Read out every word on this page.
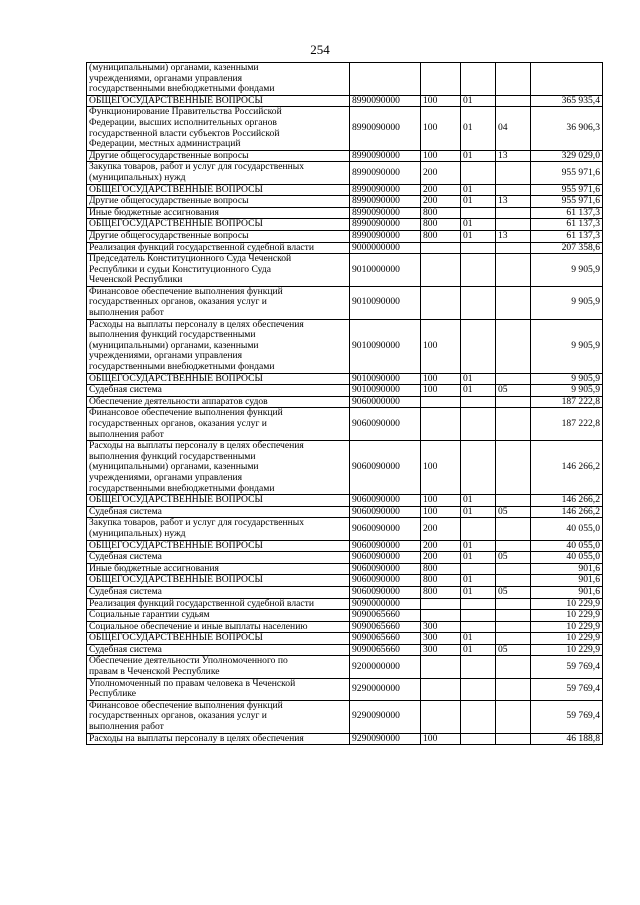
254
(муниципальными) органами, казенными
учреждениями, органами управления
государственными внебюджетными фондами					

ОБЩЕГОСУДАРСТВЕННЫЕ ВОПРОСЫ	8990090000	100	01		365 935,4

Функционирование Правительства Российской
Федерации, высших исполнительных органов
государственной власти субъектов Российской
Федерации, местных администраций	8990090000	100	01	04	36 906,3

Другие общегосударственные вопросы	8990090000	100	01	13	329 029,0

Закупка товаров, работ и услуг для государственных
(муниципальных) нужд	8990090000	200			955 971,6

ОБЩЕГОСУДАРСТВЕННЫЕ ВОПРОСЫ	8990090000	200	01		955 971,6

Другие общегосударственные вопросы	8990090000	200	01	13	955 971,6

Иные бюджетные ассигнования	8990090000	800			61 137,3

ОБЩЕГОСУДАРСТВЕННЫЕ ВОПРОСЫ	8990090000	800	01		61 137,3

Другие общегосударственные вопросы	8990090000	800	01	13	61 137,3

Реализация функций государственной судебной власти	9000000000				207 358,6

Председатель Конституционного Суда Чеченской
Республики и судьи Конституционного Суда
Чеченской Республики	9010000000				9 905,9

Финансовое обеспечение выполнения функций
государственных органов, оказания услуг и
выполнения работ	9010090000				9 905,9

Расходы на выплаты персоналу в целях обеспечения
выполнения функций государственными
(муниципальными) органами, казенными
учреждениями, органами управления
государственными внебюджетными фондами	9010090000	100			9 905,9

ОБЩЕГОСУДАРСТВЕННЫЕ ВОПРОСЫ	9010090000	100	01		9 905,9

Судебная система	9010090000	100	01	05	9 905,9

Обеспечение деятельности аппаратов судов	9060000000				187 222,8

Финансовое обеспечение выполнения функций
государственных органов, оказания услуг и
выполнения работ	9060090000				187 222,8

Расходы на выплаты персоналу в целях обеспечения
выполнения функций государственными
(муниципальными) органами, казенными
учреждениями, органами управления
государственными внебюджетными фондами	9060090000	100			146 266,2

ОБЩЕГОСУДАРСТВЕННЫЕ ВОПРОСЫ	9060090000	100	01		146 266,2

Судебная система	9060090000	100	01	05	146 266,2

Закупка товаров, работ и услуг для государственных
(муниципальных) нужд	9060090000	200			40 055,0

ОБЩЕГОСУДАРСТВЕННЫЕ ВОПРОСЫ	9060090000	200	01		40 055,0

Судебная система	9060090000	200	01	05	40 055,0

Иные бюджетные ассигнования	9060090000	800			901,6

ОБЩЕГОСУДАРСТВЕННЫЕ ВОПРОСЫ	9060090000	800	01		901,6

Судебная система	9060090000	800	01	05	901,6

Реализация функций государственной судебной власти	9090000000				10 229,9

Социальные гарантии судьям	9090065660				10 229,9

Социальное обеспечение и иные выплаты населению	9090065660	300			10 229,9

ОБЩЕГОСУДАРСТВЕННЫЕ ВОПРОСЫ	9090065660	300	01		10 229,9

Судебная система	9090065660	300	01	05	10 229,9

Обеспечение деятельности Уполномоченного по
правам в Чеченской Республике	9200000000				59 769,4

Уполномоченный по правам человека в Чеченской
Республике	9290000000				59 769,4

Финансовое обеспечение выполнения функций
государственных органов, оказания услуг и
выполнения работ	9290090000				59 769,4

Расходы на выплаты персоналу в целях обеспечения	9290090000	100			46 188,8
